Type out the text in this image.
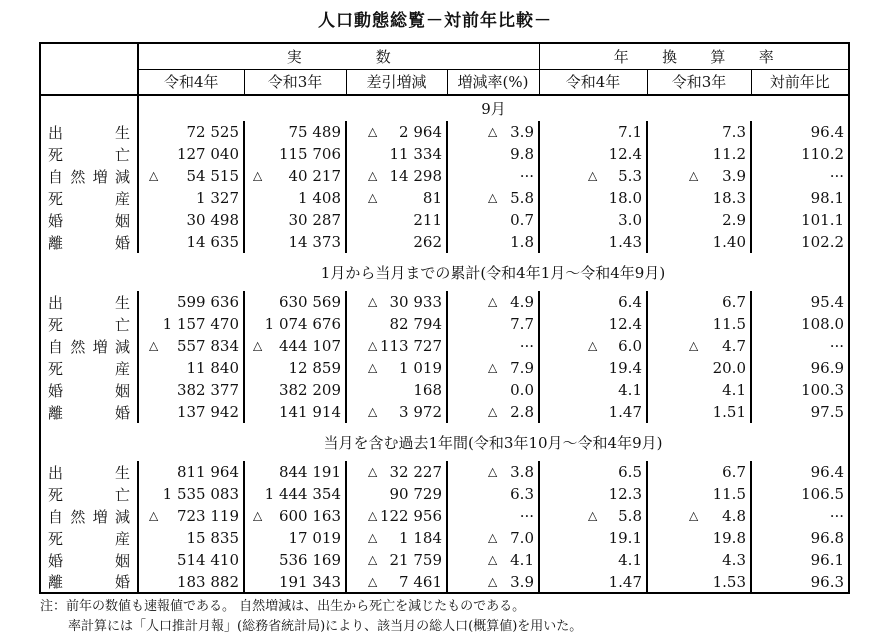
人口動態総覧－対前年比較－

	実数				年換算率		

	令和4年	令和3年	差引増減	増減率(%)	令和4年	令和3年	対前年比
	9月						

出生	72 525	75 489	△ 2 964	△ 3.9	7.1	7.3	96.4

死亡	127 040	115 706	11 334	9.8	12.4	11.2	110.2

自然増減	△ 54 515	△ 40 217	△ 14 298	···	△ 5.3	△ 3.9	···

死産	1 327	1 408	△ 81	△ 5.8	18.0	18.3	98.1

婚姻	30 498	30 287	211	0.7	3.0	2.9	101.1

離婚	14 635	14 373	262	1.8	1.43	1.40	102.2
	1月から当月までの累計(令和4年1月～令和4年9月)						

出生	599 636	630 569	△ 30 933	△ 4.9	6.4	6.7	95.4

死亡	1 157 470	1 074 676	82 794	7.7	12.4	11.5	108.0

自然増減	△ 557 834	△ 444 107	△ 113 727	···	△ 6.0	△ 4.7	···

死産	11 840	12 859	△ 1 019	△ 7.9	19.4	20.0	96.9

婚姻	382 377	382 209	168	0.0	4.1	4.1	100.3

離婚	137 942	141 914	△ 3 972	△ 2.8	1.47	1.51	97.5
	当月を含む過去1年間(令和3年10月～令和4年9月)						

出生	811 964	844 191	△ 32 227	△ 3.8	6.5	6.7	96.4

死亡	1 535 083	1 444 354	90 729	6.3	12.3	11.5	106.5

自然増減	△ 723 119	△ 600 163	△ 122 956	···	△ 5.8	△ 4.8	···

死産	15 835	17 019	△ 1 184	△ 7.0	19.1	19.8	96.8

婚姻	514 410	536 169	△ 21 759	△ 4.1	4.1	4.3	96.1

離婚	183 882	191 343	△ 7 461	△ 3.9	1.47	1.53	96.3
注：前年の数値も速報値である。 自然増減は、出生から死亡を減じたものである。
率計算には「人口推計月報」(総務省統計局)により、該当月の総人口(概算値)を用いた。
